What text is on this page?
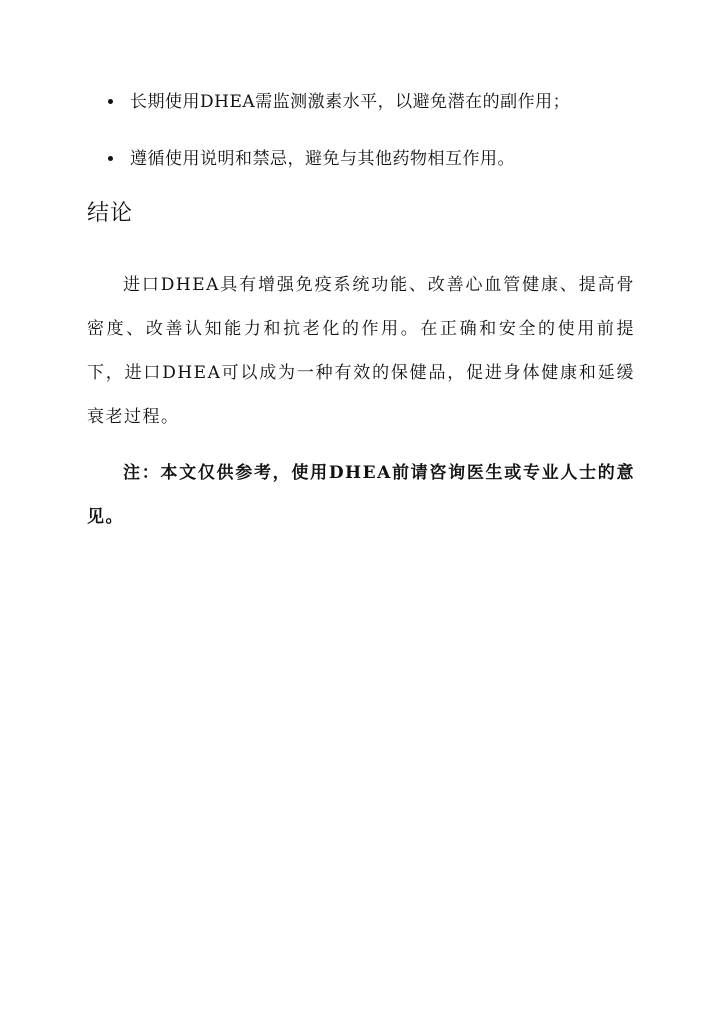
长期使用DHEA需监测激素水平，以避免潜在的副作用；
遵循使用说明和禁忌，避免与其他药物相互作用。
结论

进口DHEA具有增强免疫系统功能、改善心血管健康、提高骨密度、改善认知能力和抗老化的作用。在正确和安全的使用前提下，进口DHEA可以成为一种有效的保健品，促进身体健康和延缓衰老过程。

注：本文仅供参考，使用DHEA前请咨询医生或专业人士的意见。
